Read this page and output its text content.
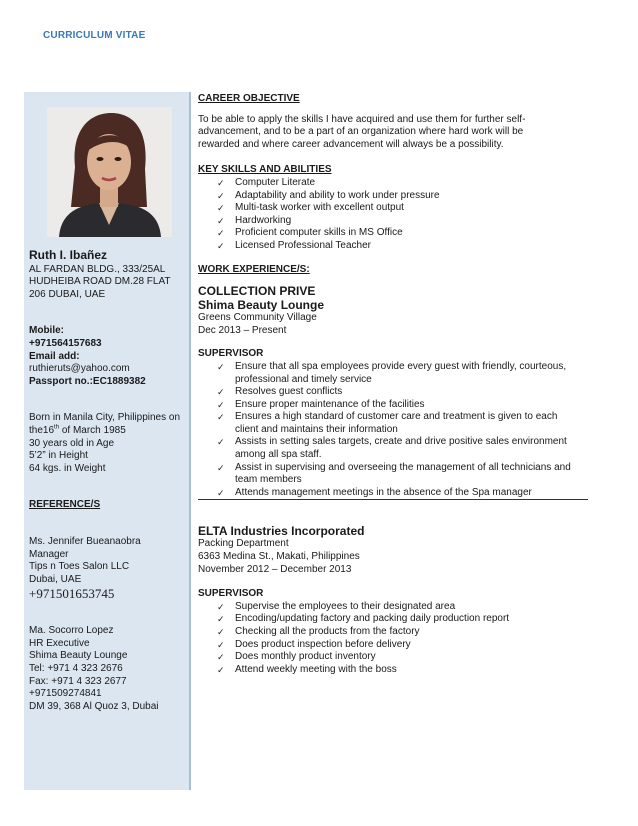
CURRICULUM VITAE
Ruth I. Ibañez
AL FARDAN BLDG., 333/25AL
HUDHEIBA ROAD DM.28 FLAT
206 DUBAI, UAE
Mobile:
+971564157683
Email add:
ruthieruts@yahoo.com
Passport no.:EC1889382
Born in Manila City, Philippines on
the16th of March 1985
30 years old in Age
5’2” in Height
64 kgs. in Weight
REFERENCE/S
Ms. Jennifer Bueanaobra
Manager
Tips n Toes Salon LLC
Dubai, UAE
+971501653745
Ma. Socorro Lopez
HR Executive
Shima Beauty Lounge
Tel: +971 4 323 2676
Fax: +971 4 323 2677
+971509274841
DM 39, 368 Al Quoz 3, Dubai
CAREER OBJECTIVE

To be able to apply the skills I have acquired and use them for further self-

advancement, and to be a part of an organization where hard work will be

rewarded and where career advancement will always be a possibility.

KEY SKILLS AND ABILITIES
✓ Computer Literate
✓ Adaptability and ability to work under pressure
✓ Multi-task worker with excellent output
✓ Hardworking
✓ Proficient computer skills in MS Office
✓ Licensed Professional Teacher
WORK EXPERIENCE/S:
COLLECTION PRIVE
Shima Beauty Lounge
Greens Community Village
Dec 2013 – Present
SUPERVISOR
✓ Ensure that all spa employees provide every guest with friendly, courteous,
professional and timely service
✓ Resolves guest conflicts
✓ Ensure proper maintenance of the facilities
✓ Ensures a high standard of customer care and treatment is given to each
client and maintains their information
✓ Assists in setting sales targets, create and drive positive sales environment
among all spa staff.
✓ Assist in supervising and overseeing the management of all technicians and
team members
✓ Attends management meetings in the absence of the Spa manager
ELTA Industries Incorporated
Packing Department
6363 Medina St., Makati, Philippines
November 2012 – December 2013
SUPERVISOR
✓ Supervise the employees to their designated area
✓ Encoding/updating factory and packing daily production report
✓ Checking all the products from the factory
✓ Does product inspection before delivery
✓ Does monthly product inventory
✓ Attend weekly meeting with the boss
